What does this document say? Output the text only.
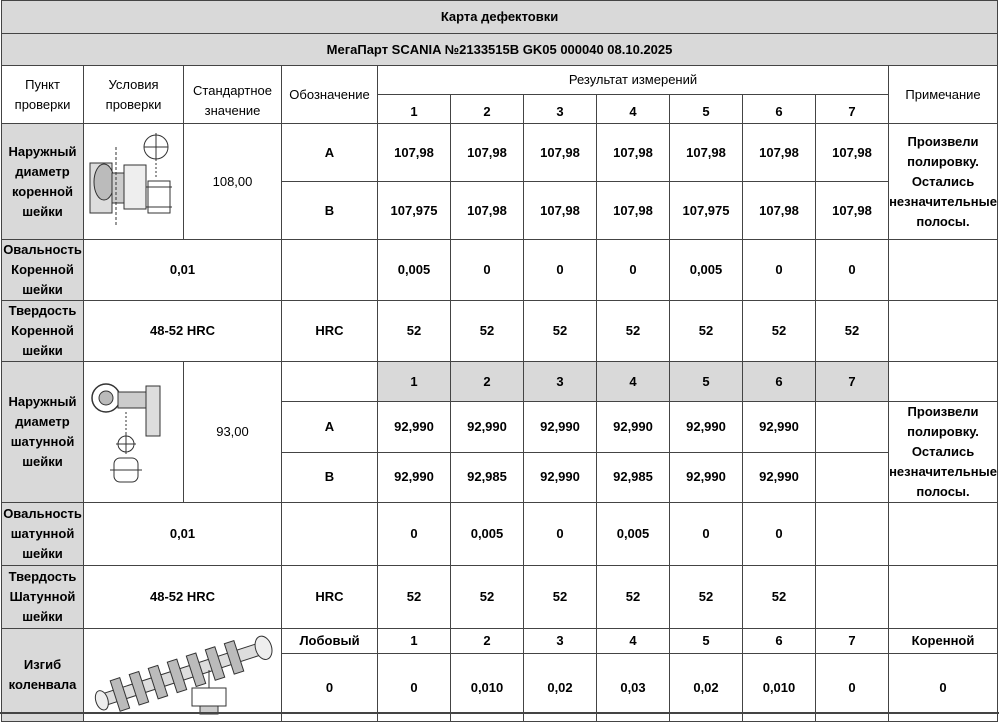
Карта дефектовки											
МегаПарт SCANIA №2133515В GK05 000040 08.10.2025											
Пункт проверки	Условия проверки	Стандартное значение	Обозначение	Результат измерений							Примечание
				1	2	3	4	5	6	7	
Наружный диаметр коренной шейки		108,00	А	107,98	107,98	107,98	107,98	107,98	107,98	107,98	Произвели полировку. Остались незначительные полосы.
			В	107,975	107,98	107,98	107,98	107,975	107,98	107,98	
Овальность Коренной шейки	0,01			0,005	0	0	0	0,005	0	0	
Твердость Коренной шейки	48-52 HRC		HRC	52	52	52	52	52	52	52	
Наружный диаметр шатунной шейки		93,00		1	2	3	4	5	6	7	
			А	92,990	92,990	92,990	92,990	92,990	92,990		Произвели полировку. Остались незначительные полосы.
			В	92,990	92,985	92,990	92,985	92,990	92,990		
Овальность шатунной шейки	0,01			0	0,005	0	0,005	0	0		
Твердость Шатунной шейки	48-52 HRC		HRC	52	52	52	52	52	52		
Изгиб коленвала			Лобовый	1	2	3	4	5	6	7	Коренной
			0	0	0,010	0,02	0,03	0,02	0,010	0	0
